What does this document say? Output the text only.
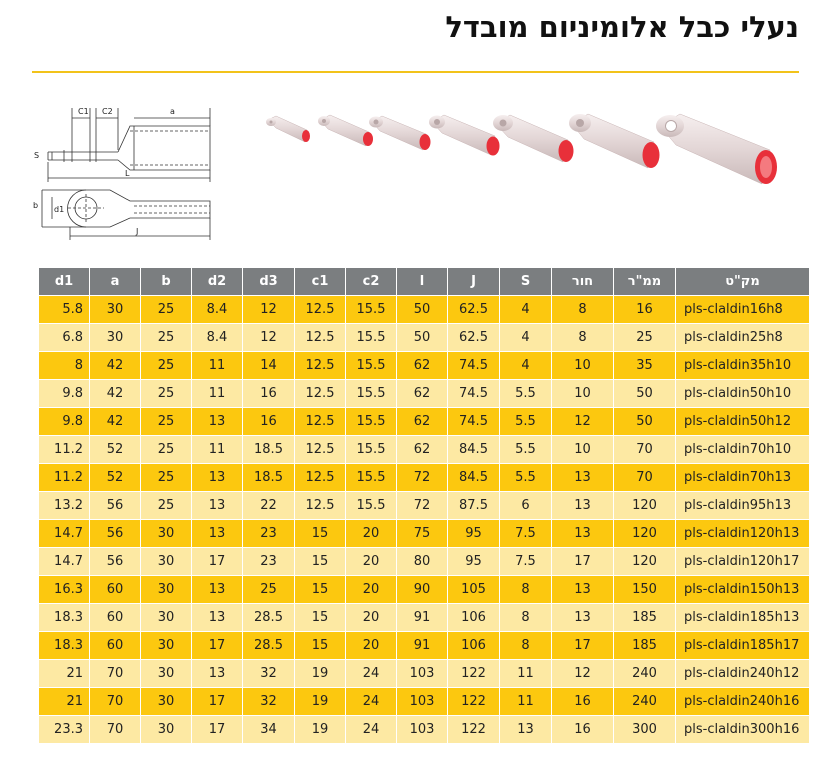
נעלי כבל אלומיניום מובדל
C1 C2	a
S
L
b d1
J
d1	a	b	d2	d3	c1	c2	l	J	S	חור	ממ"ר	מק"ט
5.8	30	25	8.4	12	12.5	15.5	50	62.5	4	8	16	pls-claldin16h8
6.8	30	25	8.4	12	12.5	15.5	50	62.5	4	8	25	pls-claldin25h8
8	42	25	11	14	12.5	15.5	62	74.5	4	10	35	pls-claldin35h10
9.8	42	25	11	16	12.5	15.5	62	74.5	5.5	10	50	pls-claldin50h10
9.8	42	25	13	16	12.5	15.5	62	74.5	5.5	12	50	pls-claldin50h12
11.2	52	25	11	18.5	12.5	15.5	62	84.5	5.5	10	70	pls-claldin70h10
11.2	52	25	13	18.5	12.5	15.5	72	84.5	5.5	13	70	pls-claldin70h13
13.2	56	25	13	22	12.5	15.5	72	87.5	6	13	120	pls-claldin95h13
14.7	56	30	13	23	15	20	75	95	7.5	13	120	pls-claldin120h13
14.7	56	30	17	23	15	20	80	95	7.5	17	120	pls-claldin120h17
16.3	60	30	13	25	15	20	90	105	8	13	150	pls-claldin150h13
18.3	60	30	13	28.5	15	20	91	106	8	13	185	pls-claldin185h13
18.3	60	30	17	28.5	15	20	91	106	8	17	185	pls-claldin185h17
21	70	30	13	32	19	24	103	122	11	12	240	pls-claldin240h12
21	70	30	17	32	19	24	103	122	11	16	240	pls-claldin240h16
23.3	70	30	17	34	19	24	103	122	13	16	300	pls-claldin300h16
